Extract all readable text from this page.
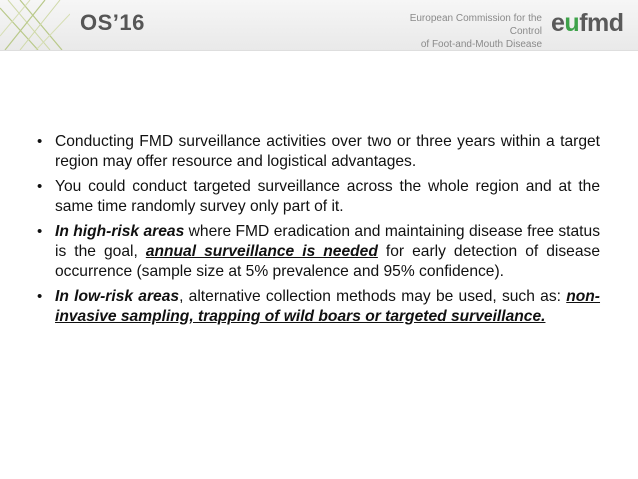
OS’16	European Commission for the Control
of Foot-and-Mouth Disease
eufmd
• Conducting FMD surveillance activities over two or three years within a target region may offer resource and logistical advantages.
• You could conduct targeted surveillance across the whole region and at the same time randomly survey only part of it.
• In high-risk areas where FMD eradication and maintaining disease free status is the goal, annual surveillance is needed for early detection of disease occurrence (sample size at 5% prevalence and 95% confidence).
• In low-risk areas, alternative collection methods may be used, such as: non-invasive sampling, trapping of wild boars or targeted surveillance.
